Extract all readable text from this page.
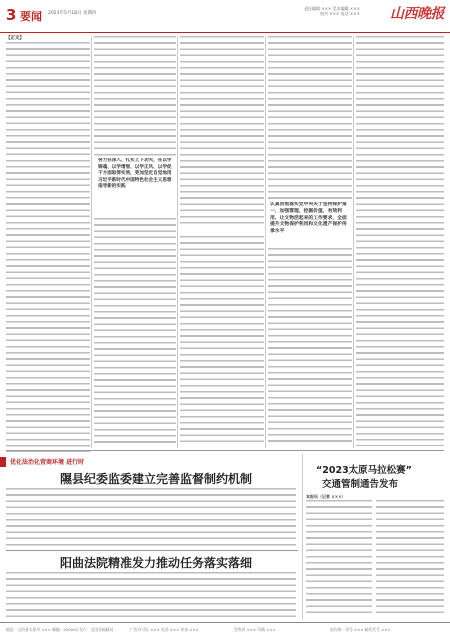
3 要闻 2023年5月18日 星期四
责任编辑 ××× 美术编辑 ×××
校对 ××× 电话 ××× 山西晚报
【正文】
努力在深入、扎实上下功夫，在以学铸魂、以学增智、以学正风、以学促干方面取得实效，更加坚定自觉地用习近平新时代中国特色社会主义思想指导新的实践
认真贯彻落实党中央关于坚持保护第一、加强管理、挖掘价值、有效利用、让文物活起来的工作要求，全面提升文物保护利用和文化遗产保护传承水平
优化法治化营商环境 进行时
隰县纪委监委建立完善监督制约机制
阳曲法院精准发力推动任务落实落细
“2023太原马拉松赛”
交通管制通告发布
本报讯（记者 ×××）
地址：山西省太原市 ××× 邮编：030000 发行：全国各地邮局	广告许可证 ××× 电话 ××× 传真 ×××	零售价 ××× 印刷 ×××	国内统一刊号 ××× 邮发代号 ×××
